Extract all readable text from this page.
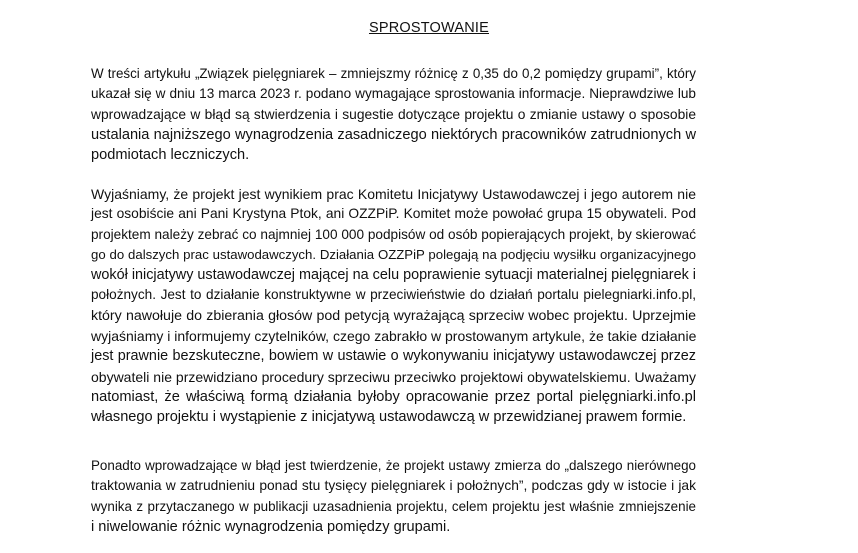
SPROSTOWANIE
W treści artykułu „Związek pielęgniarek – zmniejszmy różnicę z 0,35 do 0,2 pomiędzy grupami”, który
ukazał się w dniu 13 marca 2023 r. podano wymagające sprostowania informacje. Nieprawdziwe lub
wprowadzające w błąd są stwierdzenia i sugestie dotyczące projektu o zmianie ustawy o sposobie
ustalania najniższego wynagrodzenia zasadniczego niektórych pracowników zatrudnionych w
podmiotach leczniczych.
Wyjaśniamy, że projekt jest wynikiem prac Komitetu Inicjatywy Ustawodawczej i jego autorem nie
jest osobiście ani Pani Krystyna Ptok, ani OZZPiP. Komitet może powołać grupa 15 obywateli. Pod
projektem należy zebrać co najmniej 100 000 podpisów od osób popierających projekt, by skierować
go do dalszych prac ustawodawczych. Działania OZZPiP polegają na podjęciu wysiłku organizacyjnego
wokół inicjatywy ustawodawczej mającej na celu poprawienie sytuacji materialnej pielęgniarek i
położnych. Jest to działanie konstruktywne w przeciwieństwie do działań portalu pielegniarki.info.pl,
który nawołuje do zbierania głosów pod petycją wyrażającą sprzeciw wobec projektu. Uprzejmie
wyjaśniamy i informujemy czytelników, czego zabrakło w prostowanym artykule, że takie działanie
jest prawnie bezskuteczne, bowiem w ustawie o wykonywaniu inicjatywy ustawodawczej przez
obywateli nie przewidziano procedury sprzeciwu przeciwko projektowi obywatelskiemu. Uważamy
natomiast, że właściwą formą działania byłoby opracowanie przez portal pielęgniarki.info.pl
własnego projektu i wystąpienie z inicjatywą ustawodawczą w przewidzianej prawem formie.
Ponadto wprowadzające w błąd jest twierdzenie, że projekt ustawy zmierza do „dalszego nierównego
traktowania w zatrudnieniu ponad stu tysięcy pielęgniarek i położnych”, podczas gdy w istocie i jak
wynika z przytaczanego w publikacji uzasadnienia projektu, celem projektu jest właśnie zmniejszenie
i niwelowanie różnic wynagrodzenia pomiędzy grupami.
